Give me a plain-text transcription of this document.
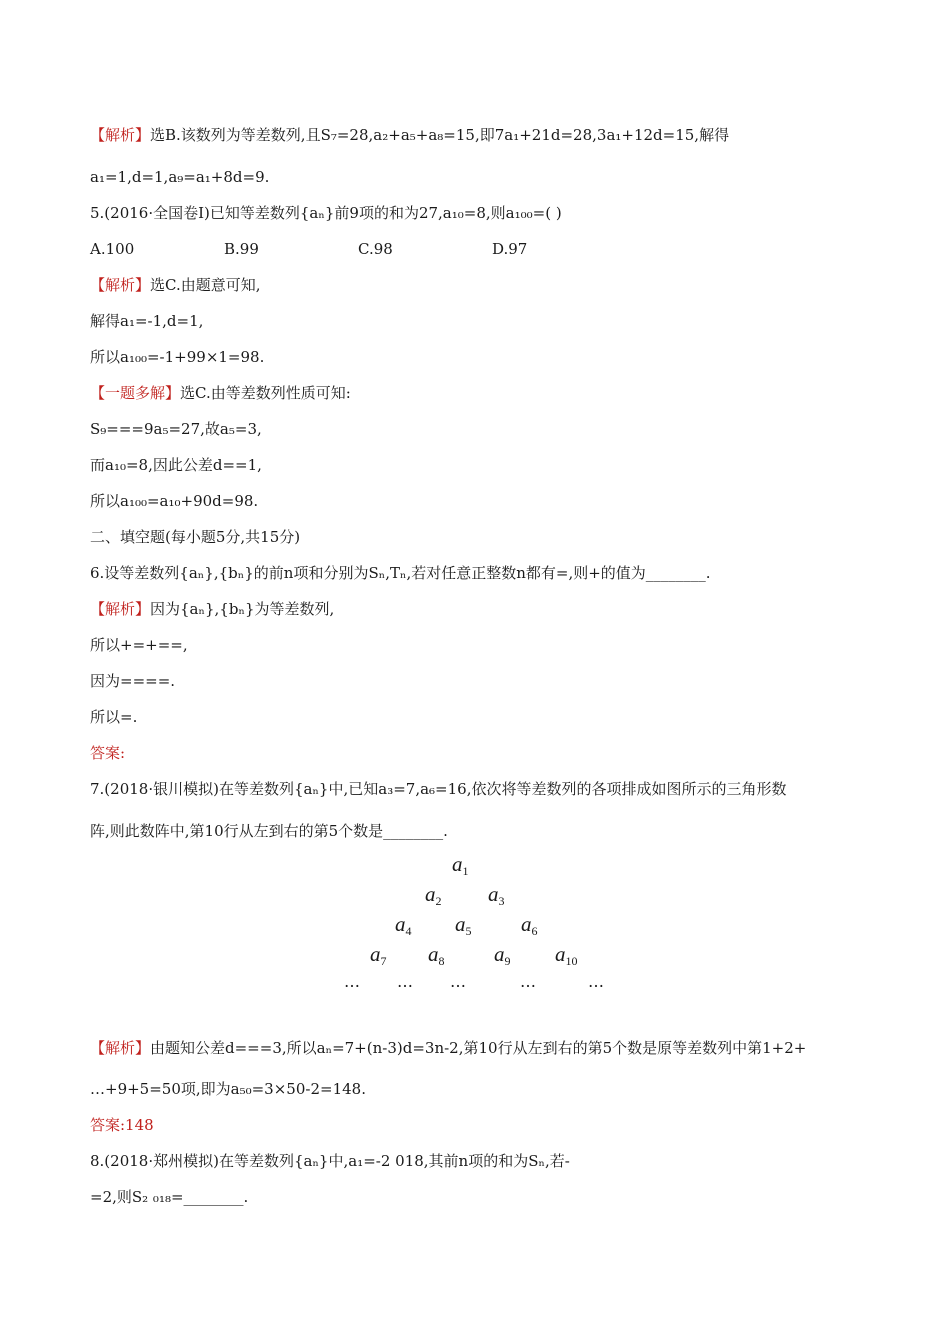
【解析】选B.该数列为等差数列,且S₇=28,a₂+a₅+a₈=15,即7a₁+21d=28,3a₁+12d=15,解得
a₁=1,d=1,a₉=a₁+8d=9.
5.(2016·全国卷Ⅰ)已知等差数列{aₙ}前9项的和为27,a₁₀=8,则a₁₀₀=( )
A.100	B.99	C.98	D.97
【解析】选C.由题意可知,
解得a₁=-1,d=1,
所以a₁₀₀=-1+99×1=98.
【一题多解】选C.由等差数列性质可知:
S₉===9a₅=27,故a₅=3,
而a₁₀=8,因此公差d==1,
所以a₁₀₀=a₁₀+90d=98.
二、填空题(每小题5分,共15分)
6.设等差数列{aₙ},{bₙ}的前n项和分别为Sₙ,Tₙ,若对任意正整数n都有=,则+的值为________.
【解析】因为{aₙ},{bₙ}为等差数列,
所以+=+==,
因为====.
所以=.
答案:
7.(2018·银川模拟)在等差数列{aₙ}中,已知a₃=7,a₆=16,依次将等差数列的各项排成如图所示的三角形数
阵,则此数阵中,第10行从左到右的第5个数是________.
$a_1$
$a_2$ $a_3$
$a_4$ $a_5$ $a_6$
$a_7$ $a_8$ $a_9$ $a_{10}$
… … …	…	…
【解析】由题知公差d===3,所以aₙ=7+(n-3)d=3n-2,第10行从左到右的第5个数是原等差数列中第1+2+
…+9+5=50项,即为a₅₀=3×50-2=148.
答案:148
8.(2018·郑州模拟)在等差数列{aₙ}中,a₁=-2 018,其前n项的和为Sₙ,若-
=2,则S₂ ₀₁₈=________.
